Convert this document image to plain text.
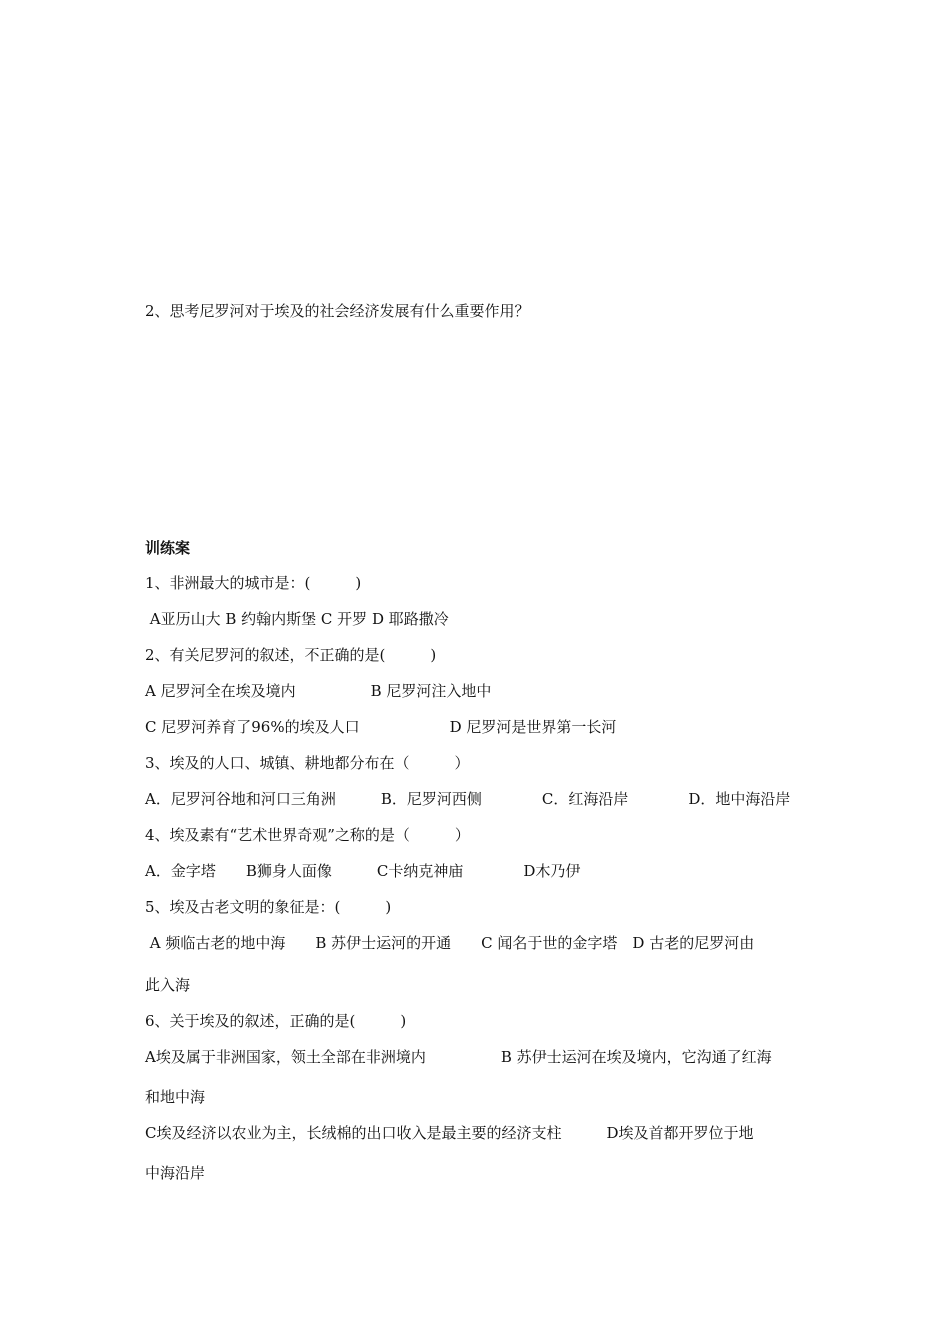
2、思考尼罗河对于埃及的社会经济发展有什么重要作用？
训练案
1、非洲最大的城市是：(　　　)
A亚历山大 B 约翰内斯堡 C 开罗 D 耶路撒冷
2、有关尼罗河的叙述，不正确的是(　　　)
A 尼罗河全在埃及境内　　　　　B 尼罗河注入地中
C 尼罗河养育了96%的埃及人口　　　　　　D 尼罗河是世界第一长河
3、埃及的人口、城镇、耕地都分布在（　　　）
A．尼罗河谷地和河口三角洲　　　B．尼罗河西侧　　　　C．红海沿岸　　　　D．地中海沿岸
4、埃及素有“艺术世界奇观”之称的是（　　　）
A．金字塔　　B狮身人面像　　　C卡纳克神庙　　　　D木乃伊
5、埃及古老文明的象征是：(　　　)
A 频临古老的地中海　　B 苏伊士运河的开通　　C 闻名于世的金字塔　D 古老的尼罗河由
此入海
6、关于埃及的叙述，正确的是(　　　)
A埃及属于非洲国家，领土全部在非洲境内　　　　　B 苏伊士运河在埃及境内，它沟通了红海
和地中海
C埃及经济以农业为主，长绒棉的出口收入是最主要的经济支柱　　　D埃及首都开罗位于地
中海沿岸
